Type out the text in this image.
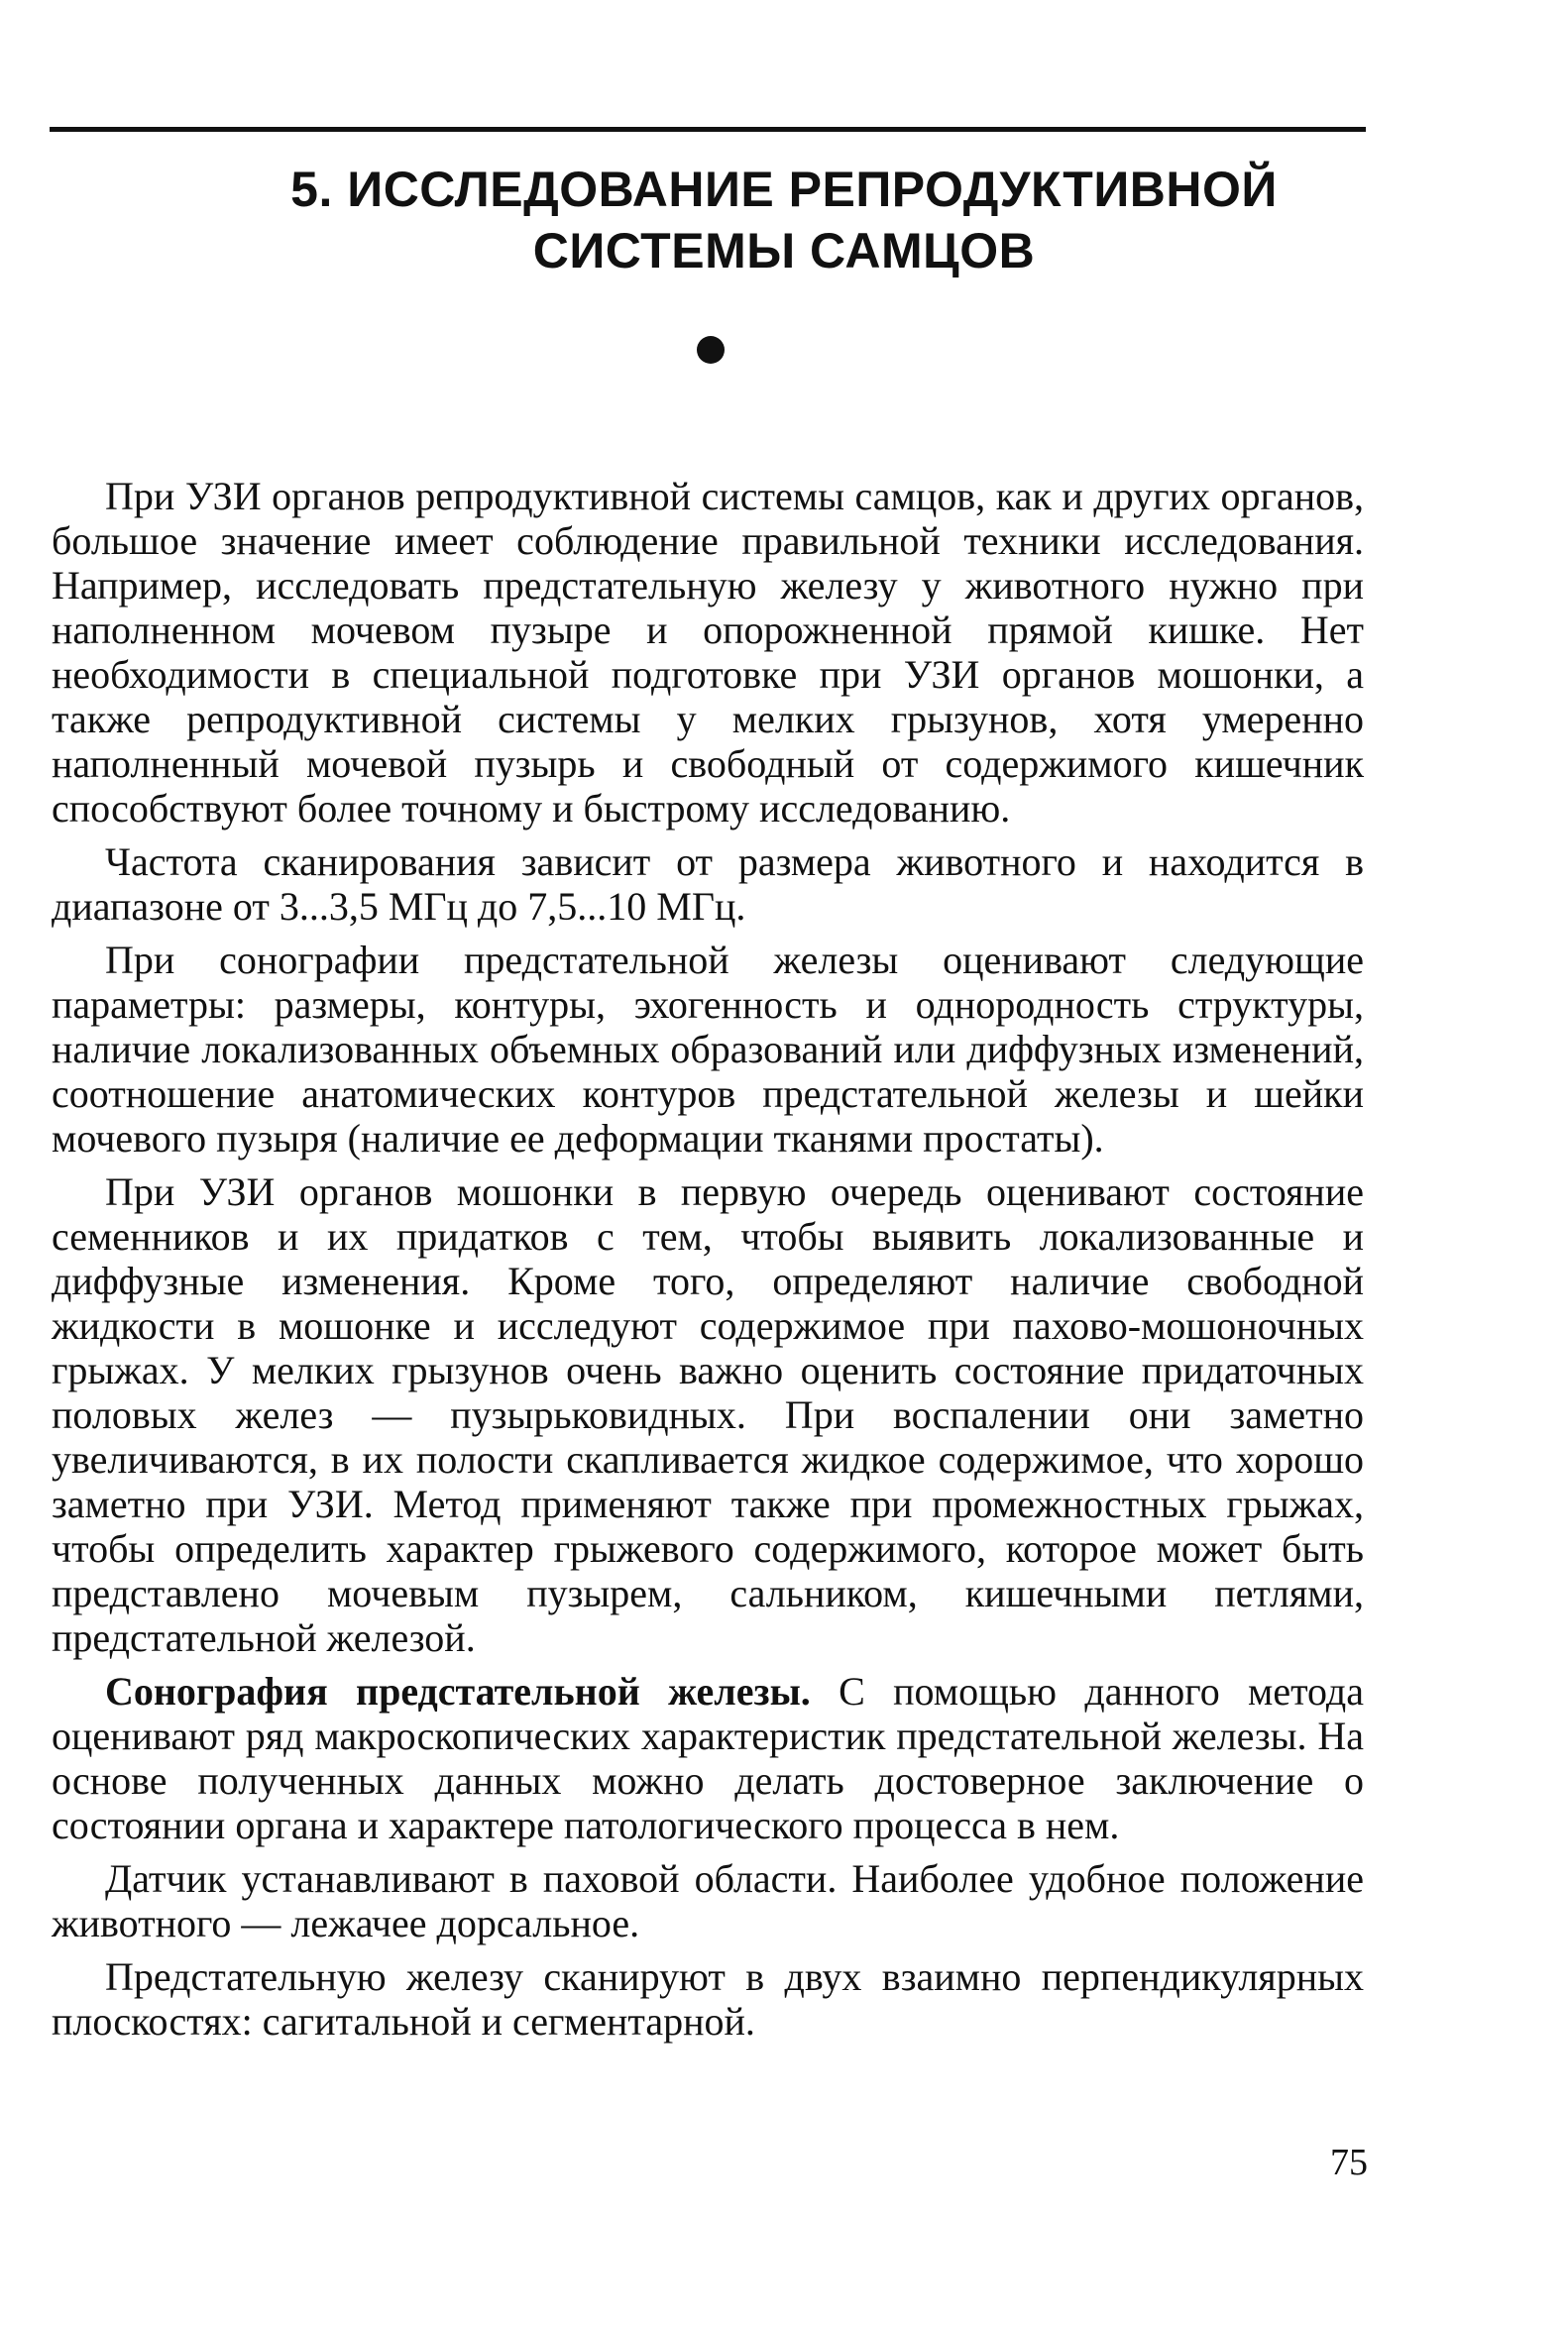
5. ИССЛЕДОВАНИЕ РЕПРОДУКТИВНОЙ
СИСТЕМЫ САМЦОВ

При УЗИ органов репродуктивной системы самцов, как и других органов, большое значение имеет соблюдение правильной техники исследования. Например, исследовать предстательную железу у животного нужно при наполненном мочевом пузыре и опорожненной прямой кишке. Нет необходимости в специальной подготовке при УЗИ органов мошонки, а также репродуктивной системы у мелких грызунов, хотя умеренно наполненный мочевой пузырь и свободный от содержимого кишечник способствуют более точному и быстрому исследованию.

Частота сканирования зависит от размера животного и находится в диапазоне от 3...3,5 МГц до 7,5...10 МГц.

При сонографии предстательной железы оценивают следующие параметры: размеры, контуры, эхогенность и однородность структуры, наличие локализованных объемных образований или диффузных изменений, соотношение анатомических контуров предстательной железы и шейки мочевого пузыря (наличие ее деформации тканями простаты).

При УЗИ органов мошонки в первую очередь оценивают состояние семенников и их придатков с тем, чтобы выявить локализованные и диффузные изменения. Кроме того, определяют наличие свободной жидкости в мошонке и исследуют содержимое при пахово-мошоночных грыжах. У мелких грызунов очень важно оценить состояние придаточных половых желез — пузырьковидных. При воспалении они заметно увеличиваются, в их полости скапливается жидкое содержимое, что хорошо заметно при УЗИ. Метод применяют также при промежностных грыжах, чтобы определить характер грыжевого содержимого, которое может быть представлено мочевым пузырем, сальником, кишечными петлями, предстательной железой.

Сонография предстательной железы. С помощью данного метода оценивают ряд макроскопических характеристик предстательной железы. На основе полученных данных можно делать достоверное заключение о состоянии органа и характере патологического процесса в нем.

Датчик устанавливают в паховой области. Наиболее удобное положение животного — лежачее дорсальное.

Предстательную железу сканируют в двух взаимно перпендикулярных плоскостях: сагитальной и сегментарной.

75
